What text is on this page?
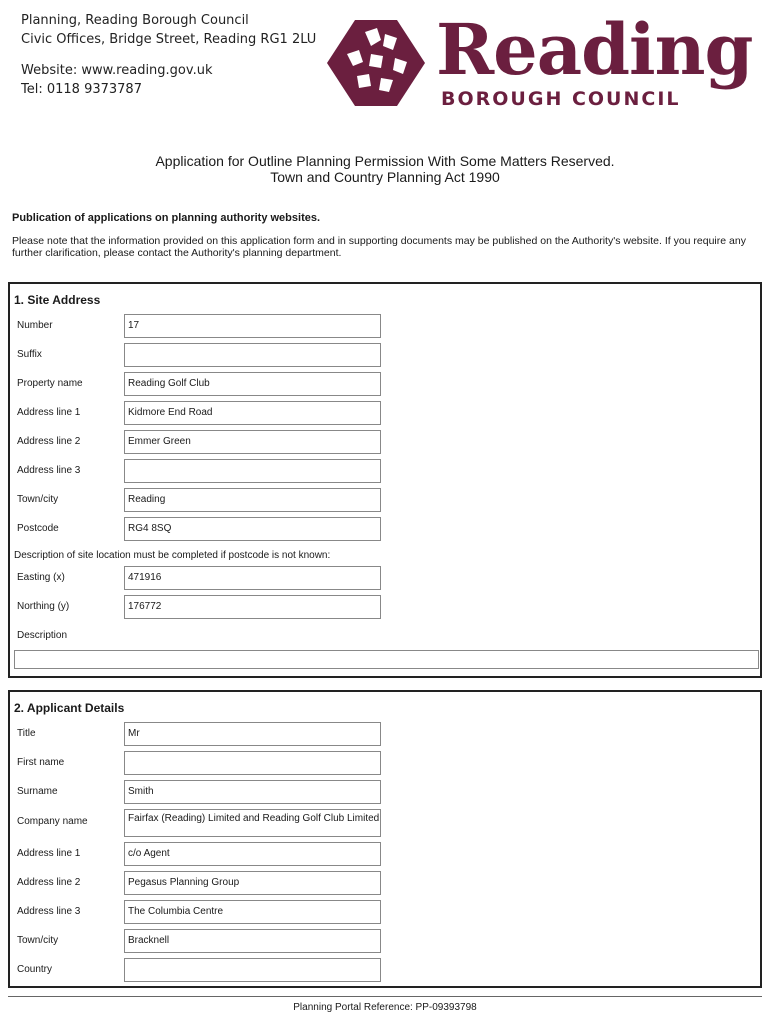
Planning, Reading Borough Council
Civic Offices, Bridge Street, Reading RG1 2LU
Website: www.reading.gov.uk
Tel: 0118 9373787	Reading
BOROUGH COUNCIL
Application for Outline Planning Permission With Some Matters Reserved.
Town and Country Planning Act 1990
Publication of applications on planning authority websites.
Please note that the information provided on this application form and in supporting documents may be published on the Authority's website. If you require any further clarification, please contact the Authority's planning department.
1. Site Address
Number	17
Suffix
Property name	Reading Golf Club
Address line 1	Kidmore End Road
Address line 2	Emmer Green
Address line 3
Town/city	Reading
Postcode	RG4 8SQ
Description of site location must be completed if postcode is not known:
Easting (x)	471916
Northing (y)	176772
Description
2. Applicant Details
Title	Mr
First name
Surname	Smith
Company name	Fairfax (Reading) Limited and Reading Golf Club Limited
Address line 1	c/o Agent
Address line 2	Pegasus Planning Group
Address line 3	The Columbia Centre
Town/city	Bracknell
Country
Planning Portal Reference: PP-09393798
